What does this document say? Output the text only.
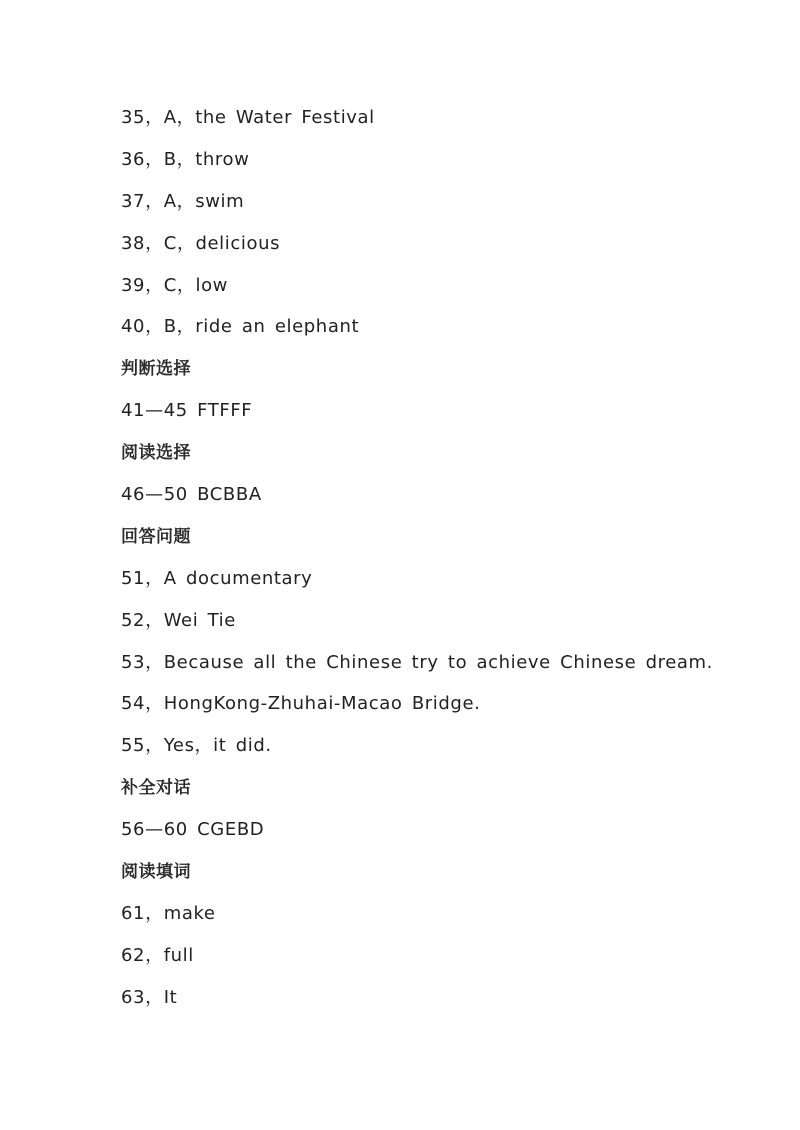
35，A，the Water Festival
36，B，throw
37，A，swim
38，C，delicious
39，C，low
40，B，ride an elephant
判断选择
41—45 FTFFF
阅读选择
46—50 BCBBA
回答问题
51，A documentary
52，Wei Tie
53，Because all the Chinese try to achieve Chinese dream.
54，HongKong-Zhuhai-Macao Bridge.
55，Yes，it did.
补全对话
56—60 CGEBD
阅读填词
61，make
62，full
63，It
